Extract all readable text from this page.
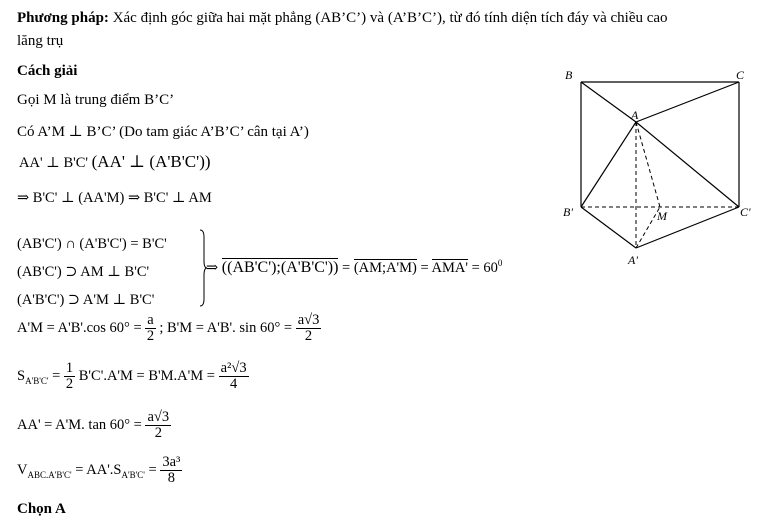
Phương pháp: Xác định góc giữa hai mặt phẳng (AB’C’) và (A’B’C’), từ đó tính diện tích đáy và chiều cao
lăng trụ
Cách giải
Gọi M là trung điểm B’C’
Có A’M ⊥ B’C’ (Do tam giác A’B’C’ cân tại A’)
AA' ⊥ B'C' (AA' ⊥ (A'B'C'))
⇒ B'C' ⊥ (AA'M) ⇒ B'C' ⊥ AM
(AB'C') ∩ (A'B'C') = B'C'
(AB'C') ⊃ AM ⊥ B'C'
(A'B'C') ⊃ A'M ⊥ B'C'
⇒ ((AB'C');(A'B'C')) = (AM;A'M) = $AMA' = 60^0$
A'M = A'B'.cos $60^\circ = \frac{a}{2}$ ; B'M = A'B'. $\sin 60^\circ = \frac{a√3}{2}$
$S_{A'B'C'} = \frac{1}{2} B'C'.A'M = B'M.A'M = \frac{\text{a²√3}}{4}$
AA' = A'M. $\tan 60^\circ = \frac{a√3}{2}$
$V_{ABC.A'B'C'} = AA'.S_{A'B'C'} = \frac{\text{3a³}}{8}$
Chọn A
B	C
A
B'	C'
M
A'
